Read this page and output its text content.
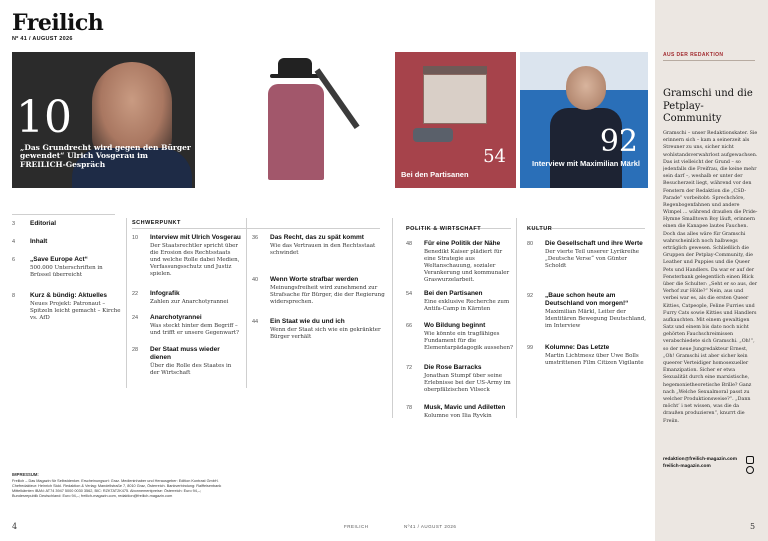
Freilich
Nº 41 / AUGUST 2026
10
„Das Grundrecht wird gegen den Bürger gewendet“ Ulrich Vosgerau im FREILICH-Gespräch	24
Anarchotyrannei
54
Bei den Partisanen
92
Interview mit Maximilian Märkl
3 Editorial
4 Inhalt
6 „Save Europe Act“
500.000 Unterschriften in Brüssel überreicht
8 Kurz & bündig: Aktuelles
Neues Projekt: Patronaut – Spitzeln leicht gemacht – Kirche vs. AfD
SCHWERPUNKT
10 Interview mit Ulrich Vosgerau
Der Staatsrechtler spricht über die Erosion des Rechtsstaats und welche Rolle dabei Medien, Verfassungsschutz und Justiz spielen.
22 Infografik
Zahlen zur Anarchotyrannei
24 Anarchotyrannei
Was steckt hinter dem Begriff – und trifft er unsere Gegenwart?
28 Der Staat muss wieder dienen
Über die Rolle des Staates in der Wirtschaft
36 Das Recht, das zu spät kommt
Wie das Vertrauen in den Rechtsstaat schwindet
40 Wenn Worte strafbar werden
Meinungsfreiheit wird zunehmend zur Strafsache für Bürger, die der Regierung widersprechen.
44 Ein Staat wie du und ich
Wenn der Staat sich wie ein gekränkter Bürger verhält
POLITIK & WIRTSCHAFT
48 Für eine Politik der Nähe
Benedikt Kaiser plädiert für eine Strategie aus Weltanschauung, sozialer Verankerung und kommunaler Graswurzelarbeit.
54 Bei den Partisanen
Eine exklusive Recherche zum Antifa-Camp in Kärnten
66 Wo Bildung beginnt
Wie könnte ein tragfähiges Fundament für die Elementarpädagogik aussehen?
72 Die Rose Barracks
Jonathan Stumpf über seine Erlebnisse bei der US-Army im oberpfälzischen Vilseck
78 Musk, Mavic und Adiletten
Kolumne von Ilia Ryvkin
KULTUR
80 Die Gesellschaft und ihre Werte
Der vierte Teil unserer Lyrikreihe „Deutsche Verse“ von Günter Scholdt
92 „Baue schon heute am Deutschland von morgen!“
Maximilian Märkl, Leiter der Identitären Bewegung Deutschland, im Interview
99 Kolumne: Das Letzte
Martin Lichtmesz über Uwe Bolls umstrittenen Film Citizen Vigilante
IMPRESSUM:
Freilich – Das Magazin für Selbstdenker. Erscheinungsort: Graz. Medieninhaber und Herausgeber: Edition Kontrast GmbH. Chefredakteur: Heinrich Sickl. Redaktion & Verlag: Mandellstraße 7, 8010 Graz, Österreich. Bankverbindung: Raiffeisenbank Mittelkärnten IBAN: AT74 3947 5000 0030 3562, BIC: RZKTAT2K475. Abonnementpreise: Österreich: Euro 94,–; Bundesrepublik Deutschland: Euro 94,–; freilich-magazin.com, redaktion@freilich-magazin.com
4	FREILICH	Nº41 / AUGUST 2026	5
AUS DER REDAKTION
Gramschi und die Petplay-Community
Gramschi – unser Redaktionskater. Sie erinnern sich – kam a seinerzeit als Streuner zu uns, sicher nicht wohlstandsverwahrlost aufgewachsen. Das ist vielleicht der Grund – so jedenfalls die Freifrau, die keine mehr sein darf –, weshalb er unter der Besucherzeit liegt, während vor den Fenstern der Redaktion die „CSD-Parade“ vorbeitobt: Sprechchöre, Regenbogenfahnen und andere Wimpel ... während draußen die Pride-Hymne Smalltown Boy läuft, erinnern einen die Kanapee lautes Fauchen. Doch das alles wäre für Gramschi wahrscheinlich noch halbwegs erträglich gewesen. Schließlich die Gruppen der Petplay-Community, die Leather und Puppies und die Queer Pets und Handlers. Da war er auf der Fensterbank gelegentlich einen Blick über die Schulter: „Seht er so aus, der Verhof zur Hölle?“ Nein, aus und verbei war es, als die ersten Queer Kitties, Catpeople, Feline Furries und Furry Cats sowie Kitties und Handlers aufkauchten. Mit einem gewaltigen Satz und einem bis dato noch nicht gehörten Fauchschreimissen verabschiedete sich Gramschi. „Oh!“, so der neue Jungredakteur Ernest, „Oh! Gramschi ist aber sicher kein queerer Verteidiger homosexueller Emanzipation. Sicher er etwa Sexualität durch eine marxistische, hegemonietheoretische Brille? Ganz nach „Welche Sexualmoral passt zu welcher Produktionsweise?“. „Dann möcht’ i net wissen, was die da draußen produzieren“, knurrt die Freiin.
redaktion@freilich-magazin.com
freilich-magazin.com
